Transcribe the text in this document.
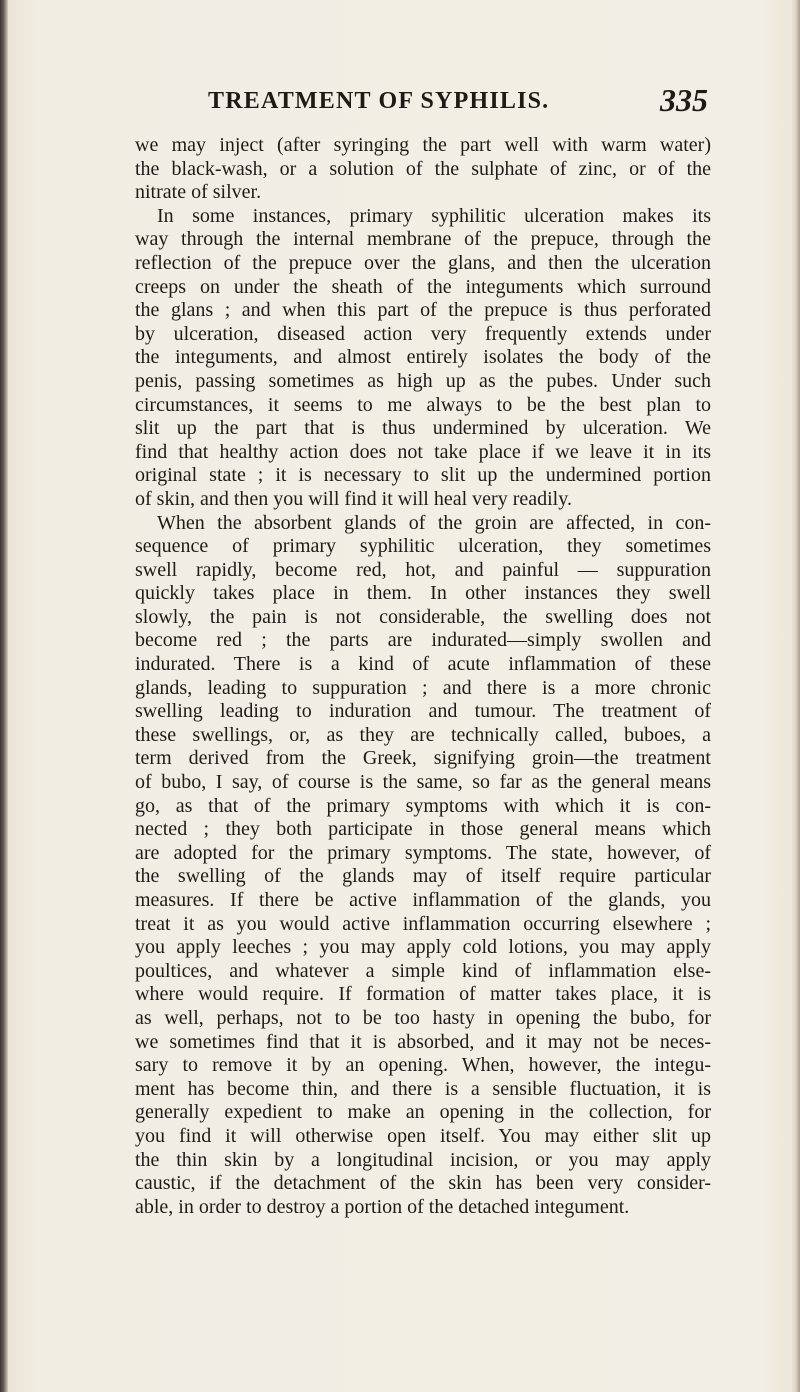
TREATMENT OF SYPHILIS.	335
we may inject (after syringing the part well with warm water)
the black-wash, or a solution of the sulphate of zinc, or of the
nitrate of silver.
In some instances, primary syphilitic ulceration makes its
way through the internal membrane of the prepuce, through the
reflection of the prepuce over the glans, and then the ulceration
creeps on under the sheath of the integuments which surround
the glans ; and when this part of the prepuce is thus perforated
by ulceration, diseased action very frequently extends under
the integuments, and almost entirely isolates the body of the
penis, passing sometimes as high up as the pubes. Under such
circumstances, it seems to me always to be the best plan to
slit up the part that is thus undermined by ulceration. We
find that healthy action does not take place if we leave it in its
original state ; it is necessary to slit up the undermined portion
of skin, and then you will find it will heal very readily.
When the absorbent glands of the groin are affected, in con-
sequence of primary syphilitic ulceration, they sometimes
swell rapidly, become red, hot, and painful — suppuration
quickly takes place in them. In other instances they swell
slowly, the pain is not considerable, the swelling does not
become red ; the parts are indurated—simply swollen and
indurated. There is a kind of acute inflammation of these
glands, leading to suppuration ; and there is a more chronic
swelling leading to induration and tumour. The treatment of
these swellings, or, as they are technically called, buboes, a
term derived from the Greek, signifying groin—the treatment
of bubo, I say, of course is the same, so far as the general means
go, as that of the primary symptoms with which it is con-
nected ; they both participate in those general means which
are adopted for the primary symptoms. The state, however, of
the swelling of the glands may of itself require particular
measures. If there be active inflammation of the glands, you
treat it as you would active inflammation occurring elsewhere ;
you apply leeches ; you may apply cold lotions, you may apply
poultices, and whatever a simple kind of inflammation else-
where would require. If formation of matter takes place, it is
as well, perhaps, not to be too hasty in opening the bubo, for
we sometimes find that it is absorbed, and it may not be neces-
sary to remove it by an opening. When, however, the integu-
ment has become thin, and there is a sensible fluctuation, it is
generally expedient to make an opening in the collection, for
you find it will otherwise open itself. You may either slit up
the thin skin by a longitudinal incision, or you may apply
caustic, if the detachment of the skin has been very consider-
able, in order to destroy a portion of the detached integument.
